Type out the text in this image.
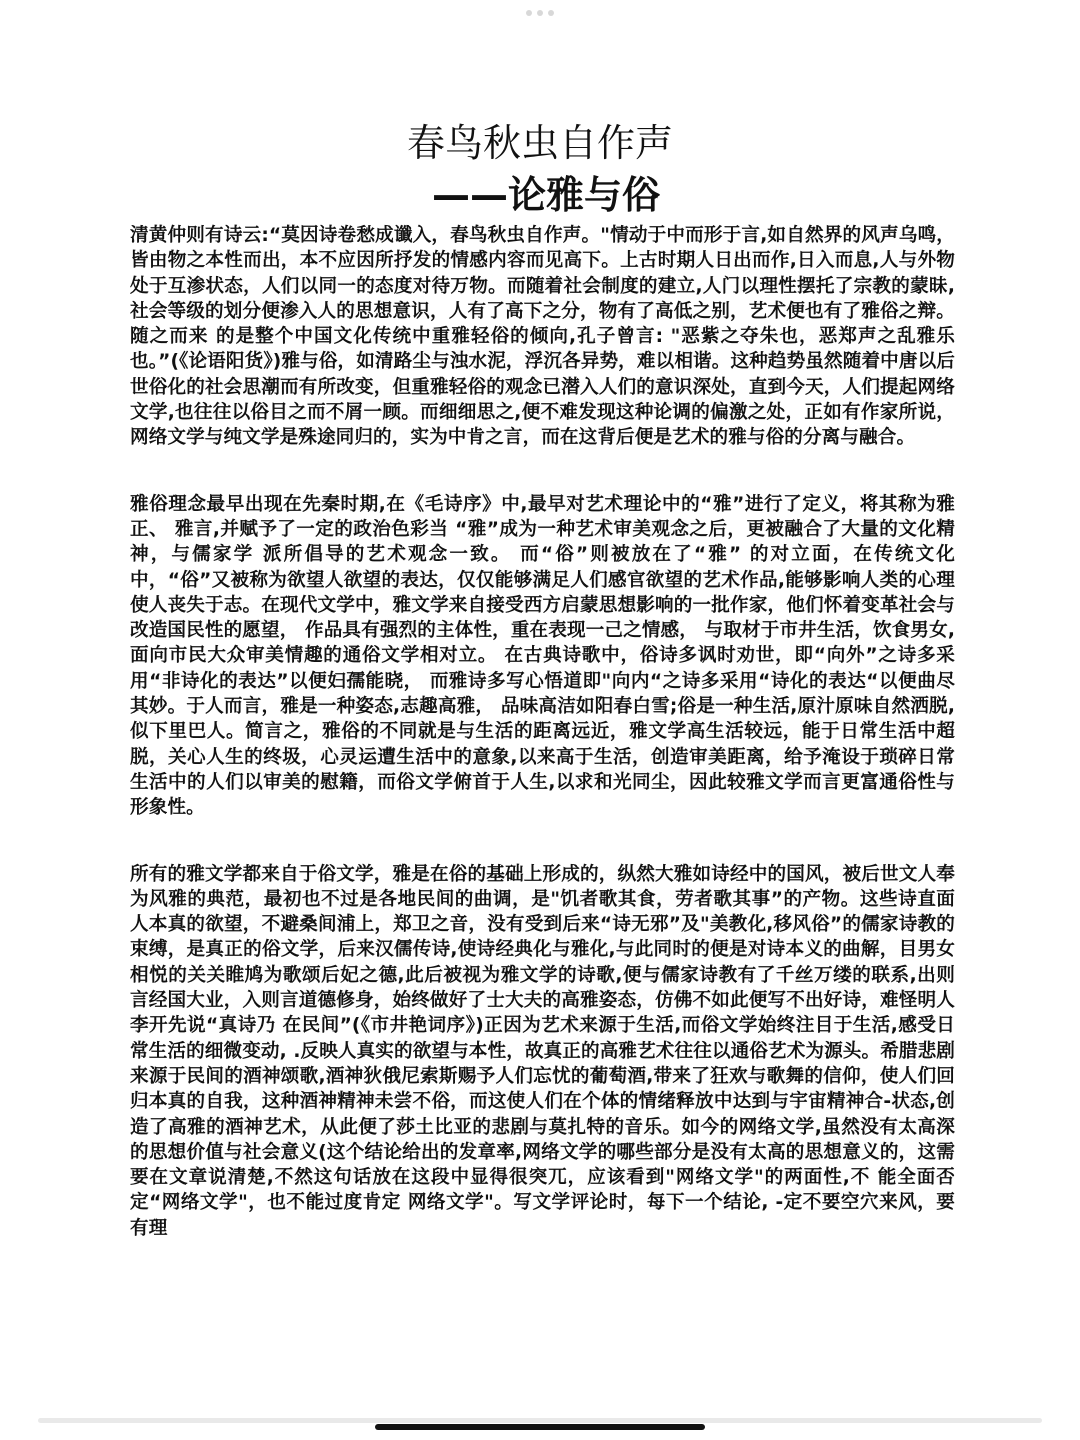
春鸟秋虫自作声
——论雅与俗

清黄仲则有诗云:“莫因诗卷愁成谶入，春鸟秋虫自作声。"情动于中而形于言,如自然界的风声乌鸣，皆由物之本性而出，本不应因所抒发的情感内容而见高下。上古时期人日出而作,日入而息,人与外物处于互渗状态，人们以同一的态度对待万物。而随着社会制度的建立,人门以理性摆托了宗教的蒙昧,社会等级的划分便渗入人的思想意识，人有了高下之分，物有了高低之别，艺术便也有了雅俗之辩。随之而来 的是整个中国文化传统中重雅轻俗的倾向,孔子曾言: "恶紫之夺朱也，恶郑声之乱雅乐也。”(《论语阳货》)雅与俗，如清路尘与浊水泥，浮沉各异势，难以相谐。这种趋势虽然随着中唐以后世俗化的社会思潮而有所改变，但重雅轻俗的观念已潜入人们的意识深处，直到今天，人们提起网络文学,也往往以俗目之而不屑一顾。而细细思之,便不难发现这种论调的偏激之处，正如有作家所说，网络文学与纯文学是殊途同归的，实为中肯之言，而在这背后便是艺术的雅与俗的分离与融合。

雅俗理念最早出现在先秦时期,在《毛诗序》中,最早对艺术理论中的“雅”进行了定义，将其称为雅正、 雅言,并赋予了一定的政治色彩当 “雅”成为一种艺术审美观念之后，更被融合了大量的文化精神，与儒家学 派所倡导的艺术观念一致。 而“俗”则被放在了“雅” 的对立面，在传统文化中，“俗”又被称为欲望人欲望的表达，仅仅能够满足人们感官欲望的艺术作品,能够影响人类的心理使人丧失于志。在现代文学中，雅文学来自接受西方启蒙思想影响的一批作家，他们怀着变革社会与改造国民性的愿望， 作品具有强烈的主体性，重在表现一己之情感， 与取材于市井生活，饮食男女,面向市民大众审美情趣的通俗文学相对立。 在古典诗歌中，俗诗多讽时劝世，即“向外”之诗多采用“非诗化的表达”以便妇孺能晓， 而雅诗多写心悟道即"向内“之诗多采用“诗化的表达“以便曲尽其妙。于人而言，雅是一种姿态,志趣高雅， 品味高洁如阳春白雪;俗是一种生活,原汁原味自然洒脱,似下里巴人。简言之，雅俗的不同就是与生活的距离远近，雅文学高生活较远，能于日常生活中超脱，关心人生的终圾，心灵运遭生活中的意象,以来高于生活，创造审美距离，给予淹设于琐碎日常生活中的人们以审美的慰籍，而俗文学俯首于人生,以求和光同尘，因此较雅文学而言更富通俗性与形象性。

所有的雅文学都来自于俗文学，雅是在俗的基础上形成的，纵然大雅如诗经中的国风，被后世文人奉为风雅的典范，最初也不过是各地民间的曲调，是"饥者歌其食，劳者歌其事”的产物。这些诗直面人本真的欲望，不避桑间浦上，郑卫之音，没有受到后来“诗无邪”及"美教化,移风俗”的儒家诗教的束缚，是真正的俗文学，后来汉儒传诗,使诗经典化与雅化,与此同时的便是对诗本义的曲解，目男女相悦的关关睢鸠为歌颂后妃之德,此后被视为雅文学的诗歌,便与儒家诗教有了千丝万缕的联系,出则言经国大业，入则言道德修身，始终做好了士大夫的高雅姿态，仿佛不如此便写不出好诗，难怪明人李开先说“真诗乃 在民间”(《市井艳词序》)正因为艺术来源于生活,而俗文学始终注目于生活,感受日常生活的细微变动, .反映人真实的欲望与本性，故真正的高雅艺术往往以通俗艺术为源头。希腊悲剧来源于民间的酒神颂歌,酒神狄俄尼索斯赐予人们忘忧的葡萄酒,带来了狂欢与歌舞的信仰，使人们回归本真的自我，这种酒神精神未尝不俗，而这使人们在个体的情绪释放中达到与宇宙精神合-状态,创造了高雅的酒神艺术，从此便了莎土比亚的悲剧与莫扎特的音乐。如今的网络文学,虽然没有太高深的思想价值与社会意义(这个结论给出的发章率,网络文学的哪些部分是没有太高的思想意义的，这需要在文章说清楚,不然这句话放在这段中显得很突兀，应该看到"网络文学"的两面性,不 能全面否定“网络文学"，也不能过度肯定 网络文学"。写文学评论时，每下一个结论, -定不要空穴来风，要有理
